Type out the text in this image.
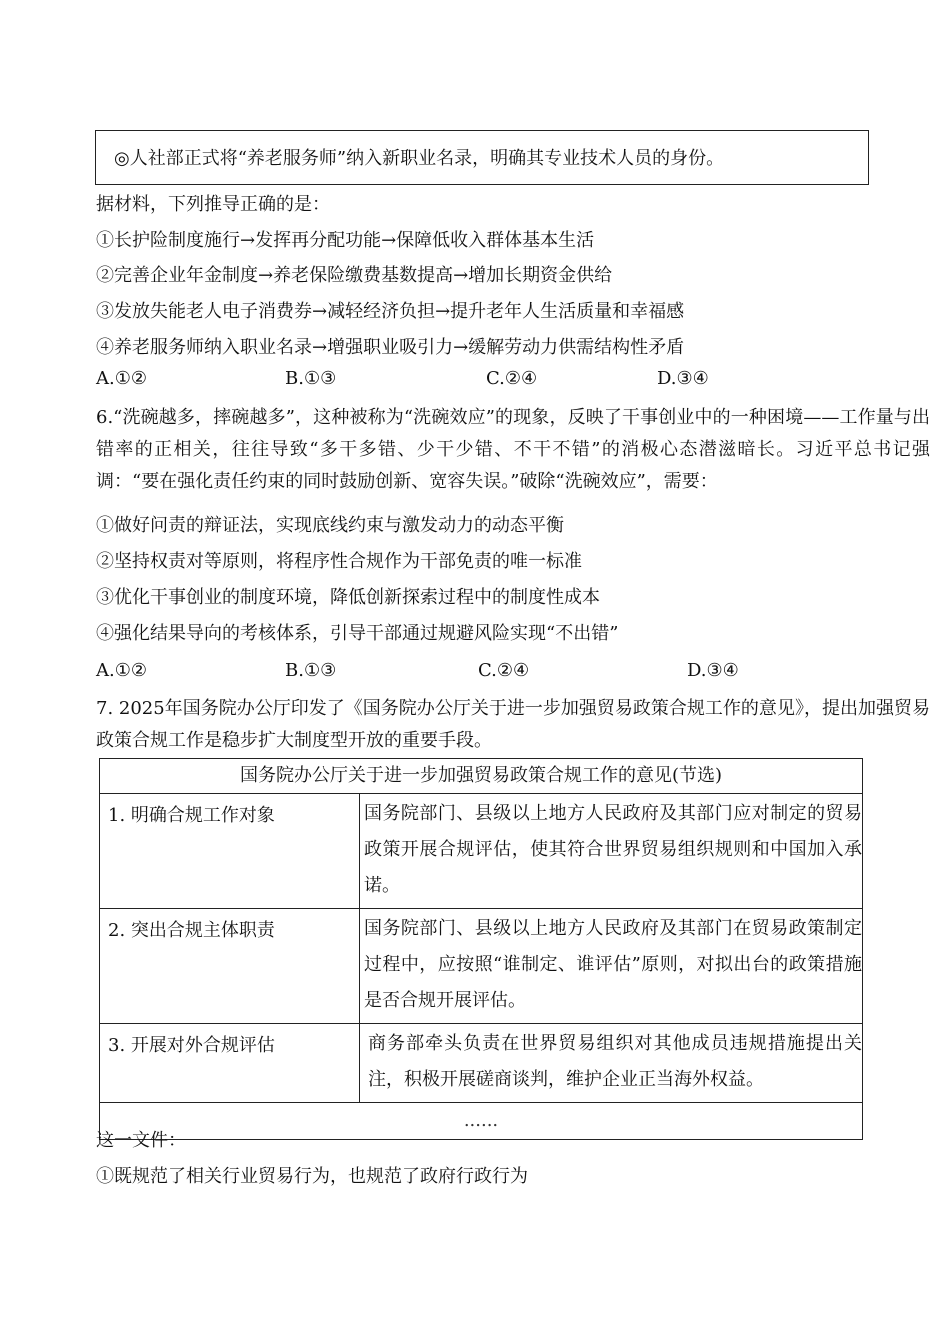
◎人社部正式将“养老服务师”纳入新职业名录，明确其专业技术人员的身份。
据材料，下列推导正确的是：
①长护险制度施行→发挥再分配功能→保障低收入群体基本生活
②完善企业年金制度→养老保险缴费基数提高→增加长期资金供给
③发放失能老人电子消费券→减轻经济负担→提升老年人生活质量和幸福感
④养老服务师纳入职业名录→增强职业吸引力→缓解劳动力供需结构性矛盾
A.①②	B.①③	C.②④	D.③④
6.“洗碗越多，摔碗越多”，这种被称为“洗碗效应”的现象，反映了干事创业中的一种困境——工作量与出错率的正相关，往往导致“多干多错、少干少错、不干不错”的消极心态潜滋暗长。习近平总书记强调：“要在强化责任约束的同时鼓励创新、宽容失误。”破除“洗碗效应”，需要：
①做好问责的辩证法，实现底线约束与激发动力的动态平衡
②坚持权责对等原则，将程序性合规作为干部免责的唯一标准
③优化干事创业的制度环境，降低创新探索过程中的制度性成本
④强化结果导向的考核体系，引导干部通过规避风险实现“不出错”
A.①②	B.①③	C.②④	D.③④
7. 2025年国务院办公厅印发了《国务院办公厅关于进一步加强贸易政策合规工作的意见》，提出加强贸易政策合规工作是稳步扩大制度型开放的重要手段。
国务院办公厅关于进一步加强贸易政策合规工作的意见(节选)	
1. 明确合规工作对象	国务院部门、县级以上地方人民政府及其部门应对制定的贸易政策开展合规评估，使其符合世界贸易组织规则和中国加入承诺。
2. 突出合规主体职责	国务院部门、县级以上地方人民政府及其部门在贸易政策制定过程中，应按照“谁制定、谁评估”原则，对拟出台的政策措施是否合规开展评估。
3. 开展对外合规评估	商务部牵头负责在世界贸易组织对其他成员违规措施提出关注，积极开展磋商谈判，维护企业正当海外权益。
......	
这一文件：
①既规范了相关行业贸易行为，也规范了政府行政行为
